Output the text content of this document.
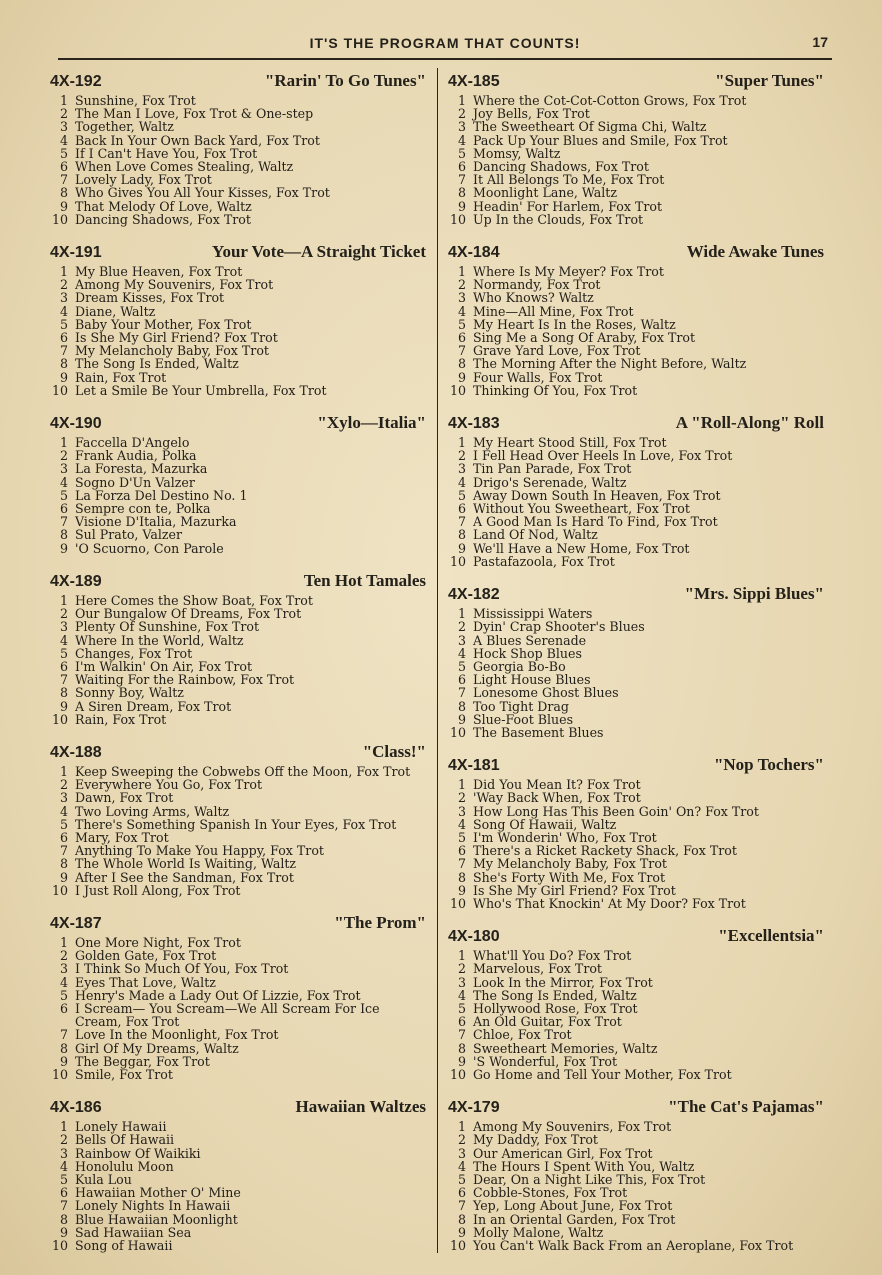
IT'S THE PROGRAM THAT COUNTS!	17
4X-192	"Rarin' To Go Tunes"
1 Sunshine, Fox Trot
2 The Man I Love, Fox Trot & One-step
3 Together, Waltz
4 Back In Your Own Back Yard, Fox Trot
5 If I Can't Have You, Fox Trot
6 When Love Comes Stealing, Waltz
7 Lovely Lady, Fox Trot
8 Who Gives You All Your Kisses, Fox Trot
9 That Melody Of Love, Waltz
10 Dancing Shadows, Fox Trot
4X-191	Your Vote—A Straight Ticket
1 My Blue Heaven, Fox Trot
2 Among My Souvenirs, Fox Trot
3 Dream Kisses, Fox Trot
4 Diane, Waltz
5 Baby Your Mother, Fox Trot
6 Is She My Girl Friend? Fox Trot
7 My Melancholy Baby, Fox Trot
8 The Song Is Ended, Waltz
9 Rain, Fox Trot
10 Let a Smile Be Your Umbrella, Fox Trot
4X-190	"Xylo—Italia"
1 Faccella D'Angelo
2 Frank Audia, Polka
3 La Foresta, Mazurka
4 Sogno D'Un Valzer
5 La Forza Del Destino No. 1
6 Sempre con te, Polka
7 Visione D'Italia, Mazurka
8 Sul Prato, Valzer
9 'O Scuorno, Con Parole
4X-189	Ten Hot Tamales
1 Here Comes the Show Boat, Fox Trot
2 Our Bungalow Of Dreams, Fox Trot
3 Plenty Of Sunshine, Fox Trot
4 Where In the World, Waltz
5 Changes, Fox Trot
6 I'm Walkin' On Air, Fox Trot
7 Waiting For the Rainbow, Fox Trot
8 Sonny Boy, Waltz
9 A Siren Dream, Fox Trot
10 Rain, Fox Trot
4X-188	"Class!"
1 Keep Sweeping the Cobwebs Off the Moon, Fox Trot
2 Everywhere You Go, Fox Trot
3 Dawn, Fox Trot
4 Two Loving Arms, Waltz
5 There's Something Spanish In Your Eyes, Fox Trot
6 Mary, Fox Trot
7 Anything To Make You Happy, Fox Trot
8 The Whole World Is Waiting, Waltz
9 After I See the Sandman, Fox Trot
10 I Just Roll Along, Fox Trot
4X-187	"The Prom"
1 One More Night, Fox Trot
2 Golden Gate, Fox Trot
3 I Think So Much Of You, Fox Trot
4 Eyes That Love, Waltz
5 Henry's Made a Lady Out Of Lizzie, Fox Trot
6 I Scream— You Scream—We All Scream For Ice Cream, Fox Trot
7 Love In the Moonlight, Fox Trot
8 Girl Of My Dreams, Waltz
9 The Beggar, Fox Trot
10 Smile, Fox Trot
4X-186	Hawaiian Waltzes
1 Lonely Hawaii
2 Bells Of Hawaii
3 Rainbow Of Waikiki
4 Honolulu Moon
5 Kula Lou
6 Hawaiian Mother O' Mine
7 Lonely Nights In Hawaii
8 Blue Hawaiian Moonlight
9 Sad Hawaiian Sea
10 Song of Hawaii
4X-185	"Super Tunes"
1 Where the Cot-Cot-Cotton Grows, Fox Trot
2 Joy Bells, Fox Trot
3 The Sweetheart Of Sigma Chi, Waltz
4 Pack Up Your Blues and Smile, Fox Trot
5 Momsy, Waltz
6 Dancing Shadows, Fox Trot
7 It All Belongs To Me, Fox Trot
8 Moonlight Lane, Waltz
9 Headin' For Harlem, Fox Trot
10 Up In the Clouds, Fox Trot
4X-184	Wide Awake Tunes
1 Where Is My Meyer? Fox Trot
2 Normandy, Fox Trot
3 Who Knows? Waltz
4 Mine—All Mine, Fox Trot
5 My Heart Is In the Roses, Waltz
6 Sing Me a Song Of Araby, Fox Trot
7 Grave Yard Love, Fox Trot
8 The Morning After the Night Before, Waltz
9 Four Walls, Fox Trot
10 Thinking Of You, Fox Trot
4X-183	A "Roll-Along" Roll
1 My Heart Stood Still, Fox Trot
2 I Fell Head Over Heels In Love, Fox Trot
3 Tin Pan Parade, Fox Trot
4 Drigo's Serenade, Waltz
5 Away Down South In Heaven, Fox Trot
6 Without You Sweetheart, Fox Trot
7 A Good Man Is Hard To Find, Fox Trot
8 Land Of Nod, Waltz
9 We'll Have a New Home, Fox Trot
10 Pastafazoola, Fox Trot
4X-182	"Mrs. Sippi Blues"
1 Mississippi Waters
2 Dyin' Crap Shooter's Blues
3 A Blues Serenade
4 Hock Shop Blues
5 Georgia Bo-Bo
6 Light House Blues
7 Lonesome Ghost Blues
8 Too Tight Drag
9 Slue-Foot Blues
10 The Basement Blues
4X-181	"Nop Tochers"
1 Did You Mean It? Fox Trot
2 'Way Back When, Fox Trot
3 How Long Has This Been Goin' On? Fox Trot
4 Song Of Hawaii, Waltz
5 I'm Wonderin' Who, Fox Trot
6 There's a Ricket Rackety Shack, Fox Trot
7 My Melancholy Baby, Fox Trot
8 She's Forty With Me, Fox Trot
9 Is She My Girl Friend? Fox Trot
10 Who's That Knockin' At My Door? Fox Trot
4X-180	"Excellentsia"
1 What'll You Do? Fox Trot
2 Marvelous, Fox Trot
3 Look In the Mirror, Fox Trot
4 The Song Is Ended, Waltz
5 Hollywood Rose, Fox Trot
6 An Old Guitar, Fox Trot
7 Chloe, Fox Trot
8 Sweetheart Memories, Waltz
9 'S Wonderful, Fox Trot
10 Go Home and Tell Your Mother, Fox Trot
4X-179	"The Cat's Pajamas"
1 Among My Souvenirs, Fox Trot
2 My Daddy, Fox Trot
3 Our American Girl, Fox Trot
4 The Hours I Spent With You, Waltz
5 Dear, On a Night Like This, Fox Trot
6 Cobble-Stones, Fox Trot
7 Yep, Long About June, Fox Trot
8 In an Oriental Garden, Fox Trot
9 Molly Malone, Waltz
10 You Can't Walk Back From an Aeroplane, Fox Trot
